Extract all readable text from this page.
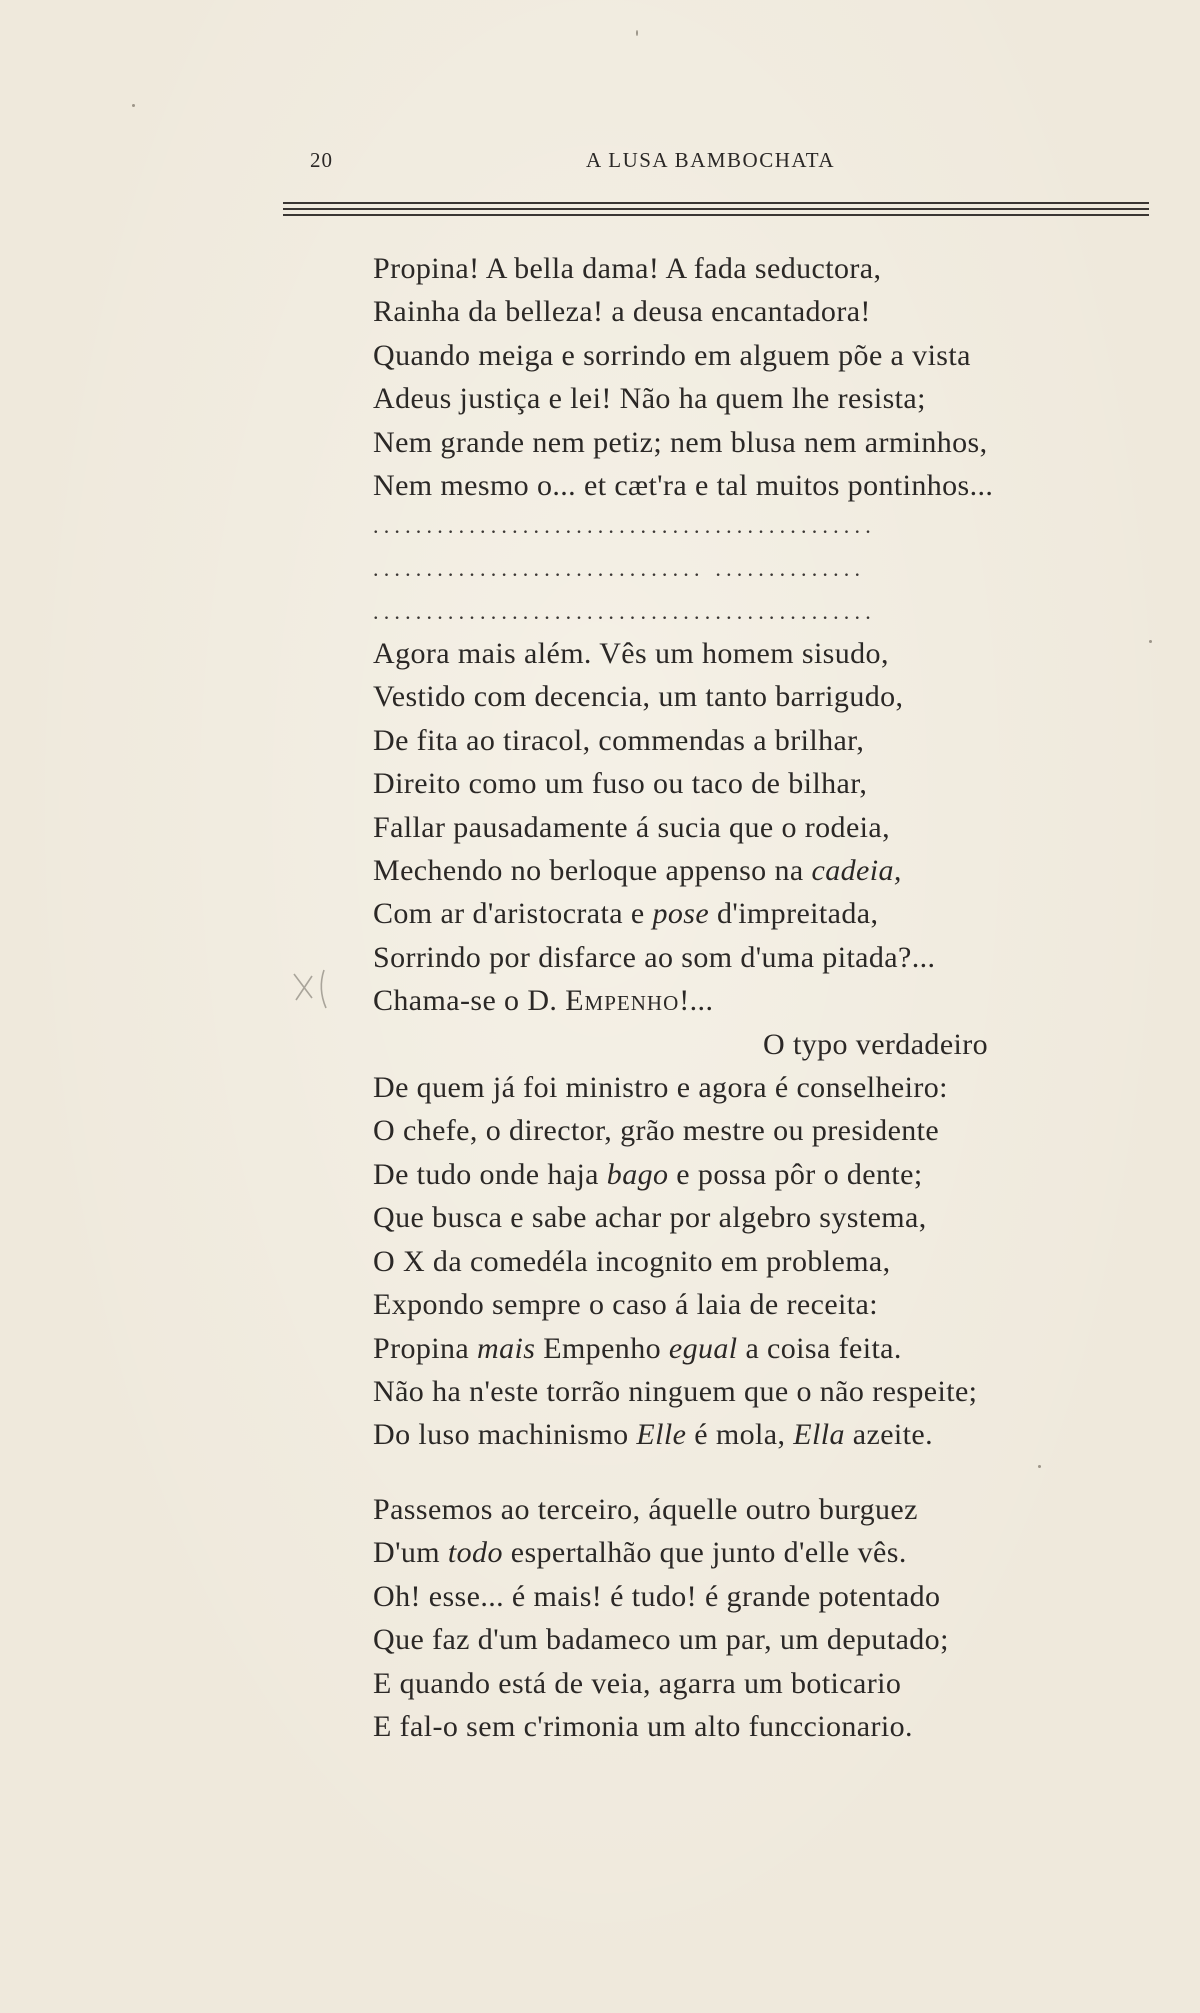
20	A LUSA BAMBOCHATA
Propina! A bella dama! A fada seductora,
Rainha da belleza! a deusa encantadora!
Quando meiga e sorrindo em alguem põe a vista
Adeus justiça e lei! Não ha quem lhe resista;
Nem grande nem petiz; nem blusa nem arminhos,
Nem mesmo o... et cæt'ra e tal muitos pontinhos...
...............................................
............................... ..............
...............................................
Agora mais além. Vês um homem sisudo,
Vestido com decencia, um tanto barrigudo,
De fita ao tiracol, commendas a brilhar,
Direito como um fuso ou taco de bilhar,
Fallar pausadamente á sucia que o rodeia,
Mechendo no berloque appenso na cadeia,
Com ar d'aristocrata e pose d'impreitada,
Sorrindo por disfarce ao som d'uma pitada?...
Chama-se o D. Empenho!...
O typo verdadeiro
De quem já foi ministro e agora é conselheiro:
O chefe, o director, grão mestre ou presidente
De tudo onde haja bago e possa pôr o dente;
Que busca e sabe achar por algebro systema,
O X da comedéla incognito em problema,
Expondo sempre o caso á laia de receita:
Propina mais Empenho egual a coisa feita.
Não ha n'este torrão ninguem que o não respeite;
Do luso machinismo Elle é mola, Ella azeite.
Passemos ao terceiro, áquelle outro burguez
D'um todo espertalhão que junto d'elle vês.
Oh! esse... é mais! é tudo! é grande potentado
Que faz d'um badameco um par, um deputado;
E quando está de veia, agarra um boticario
E fal-o sem c'rimonia um alto funccionario.
